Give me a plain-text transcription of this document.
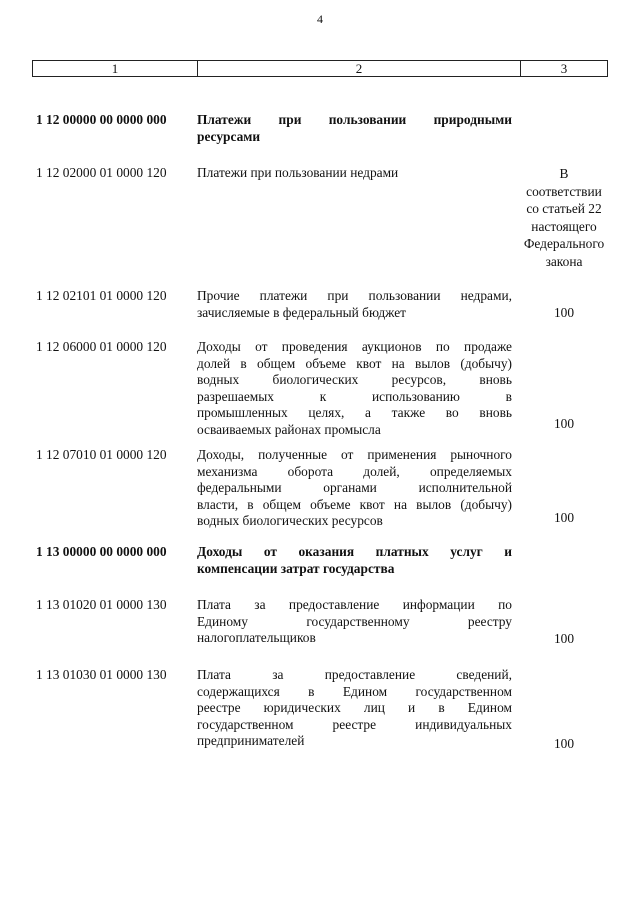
4
1	2	3
1 12 00000 00 0000 000	Платежи при пользовании природными
ресурсами
1 12 02000 01 0000 120	Платежи при пользовании недрами	В
соответствии
со статьей 22
настоящего
Федерального
закона
1 12 02101 01 0000 120	Прочие платежи при пользовании недрами,
зачисляемые в федеральный бюджет	100
1 12 06000 01 0000 120	Доходы от проведения аукционов по продаже
долей в общем объеме квот на вылов (добычу)
водных биологических ресурсов, вновь
разрешаемых к использованию в
промышленных целях, а также во вновь
осваиваемых районах промысла	100
1 12 07010 01 0000 120	Доходы, полученные от применения рыночного
механизма оборота долей, определяемых
федеральными органами исполнительной
власти, в общем объеме квот на вылов (добычу)
водных биологических ресурсов	100
1 13 00000 00 0000 000	Доходы от оказания платных услуг и
компенсации затрат государства
1 13 01020 01 0000 130	Плата за предоставление информации по
Единому государственному реестру
налогоплательщиков	100
1 13 01030 01 0000 130	Плата за предоставление сведений,
содержащихся в Едином государственном
реестре юридических лиц и в Едином
государственном реестре индивидуальных
предпринимателей	100
